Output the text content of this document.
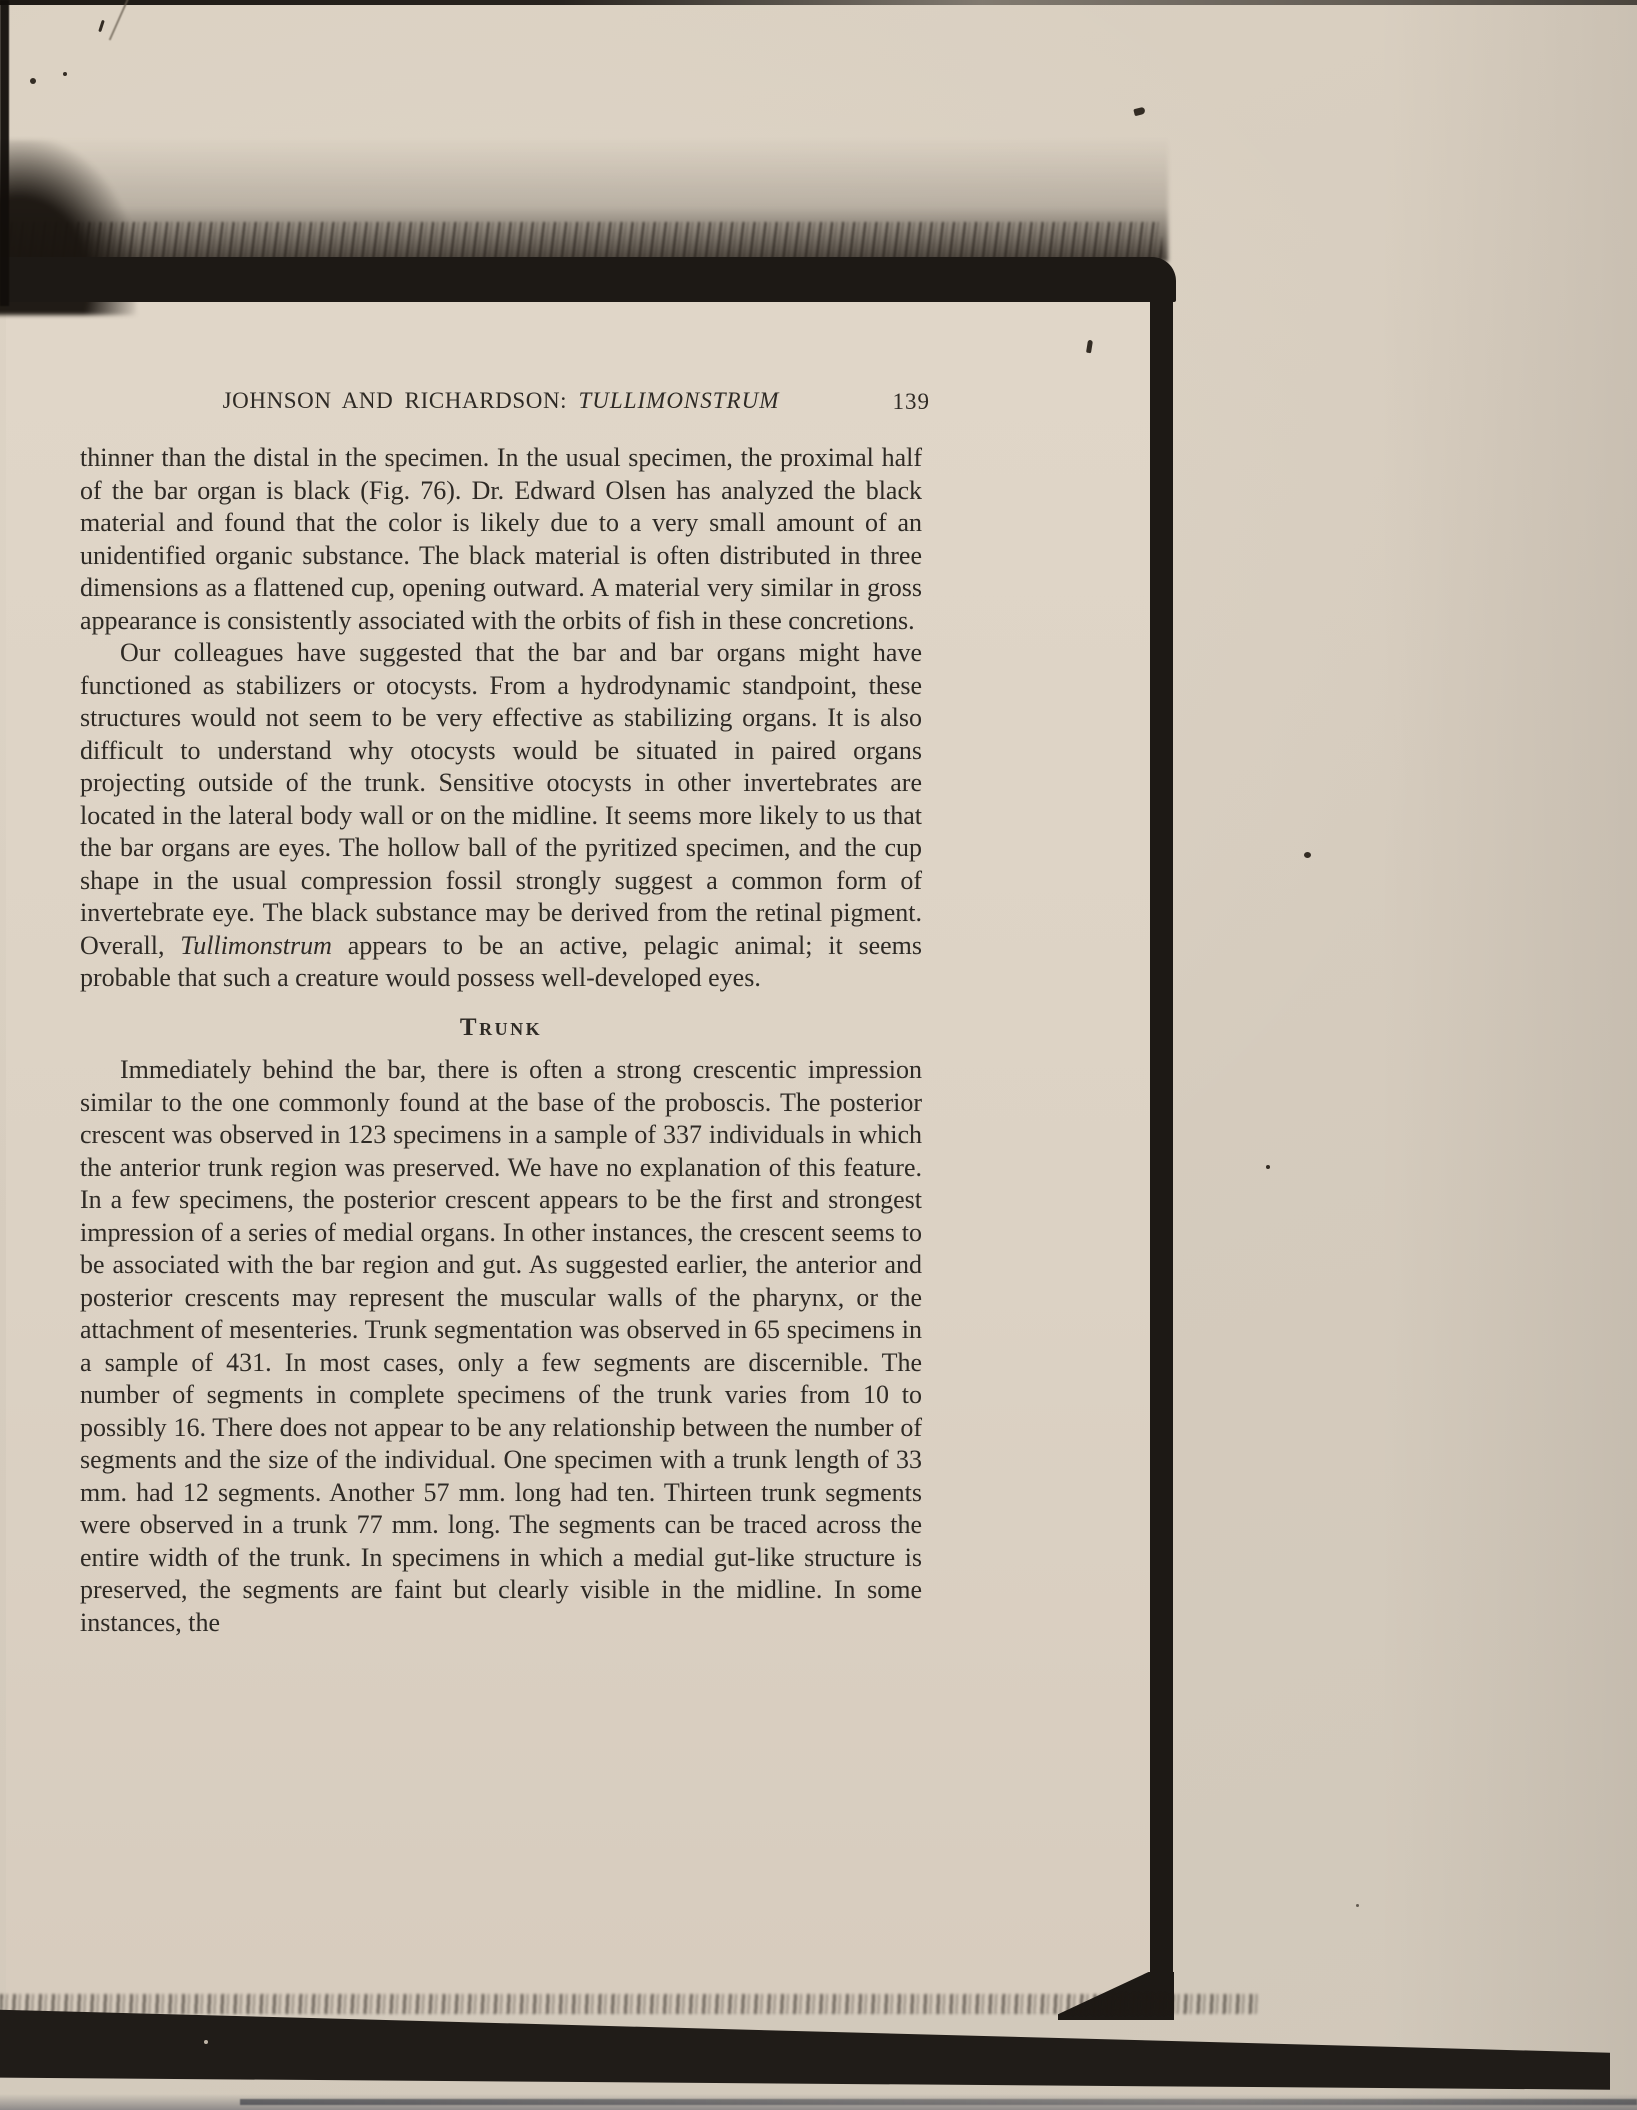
JOHNSON AND RICHARDSON: TULLIMONSTRUM	139

thinner than the distal in the specimen. In the usual specimen, the proximal half of the bar organ is black (Fig. 76). Dr. Edward Olsen has analyzed the black material and found that the color is likely due to a very small amount of an unidentified organic substance. The black material is often distributed in three dimensions as a flattened cup, opening outward. A material very similar in gross appearance is consistently associated with the orbits of fish in these concretions.

Our colleagues have suggested that the bar and bar organs might have functioned as stabilizers or otocysts. From a hydrodynamic standpoint, these structures would not seem to be very effective as stabilizing organs. It is also difficult to understand why otocysts would be situated in paired organs projecting outside of the trunk. Sensitive otocysts in other invertebrates are located in the lateral body wall or on the midline. It seems more likely to us that the bar organs are eyes. The hollow ball of the pyritized specimen, and the cup shape in the usual compression fossil strongly suggest a common form of invertebrate eye. The black substance may be derived from the retinal pigment. Overall, Tullimonstrum appears to be an active, pelagic animal; it seems probable that such a creature would possess well-developed eyes.

Trunk

Immediately behind the bar, there is often a strong crescentic impression similar to the one commonly found at the base of the proboscis. The posterior crescent was observed in 123 specimens in a sample of 337 individuals in which the anterior trunk region was preserved. We have no explanation of this feature. In a few specimens, the posterior crescent appears to be the first and strongest impression of a series of medial organs. In other instances, the crescent seems to be associated with the bar region and gut. As suggested earlier, the anterior and posterior crescents may represent the muscular walls of the pharynx, or the attachment of mesenteries. Trunk segmentation was observed in 65 specimens in a sample of 431. In most cases, only a few segments are discernible. The number of segments in complete specimens of the trunk varies from 10 to possibly 16. There does not appear to be any relationship between the number of segments and the size of the individual. One specimen with a trunk length of 33 mm. had 12 segments. Another 57 mm. long had ten. Thirteen trunk segments were observed in a trunk 77 mm. long. The segments can be traced across the entire width of the trunk. In specimens in which a medial gut-like structure is preserved, the segments are faint but clearly visible in the midline. In some instances, the
